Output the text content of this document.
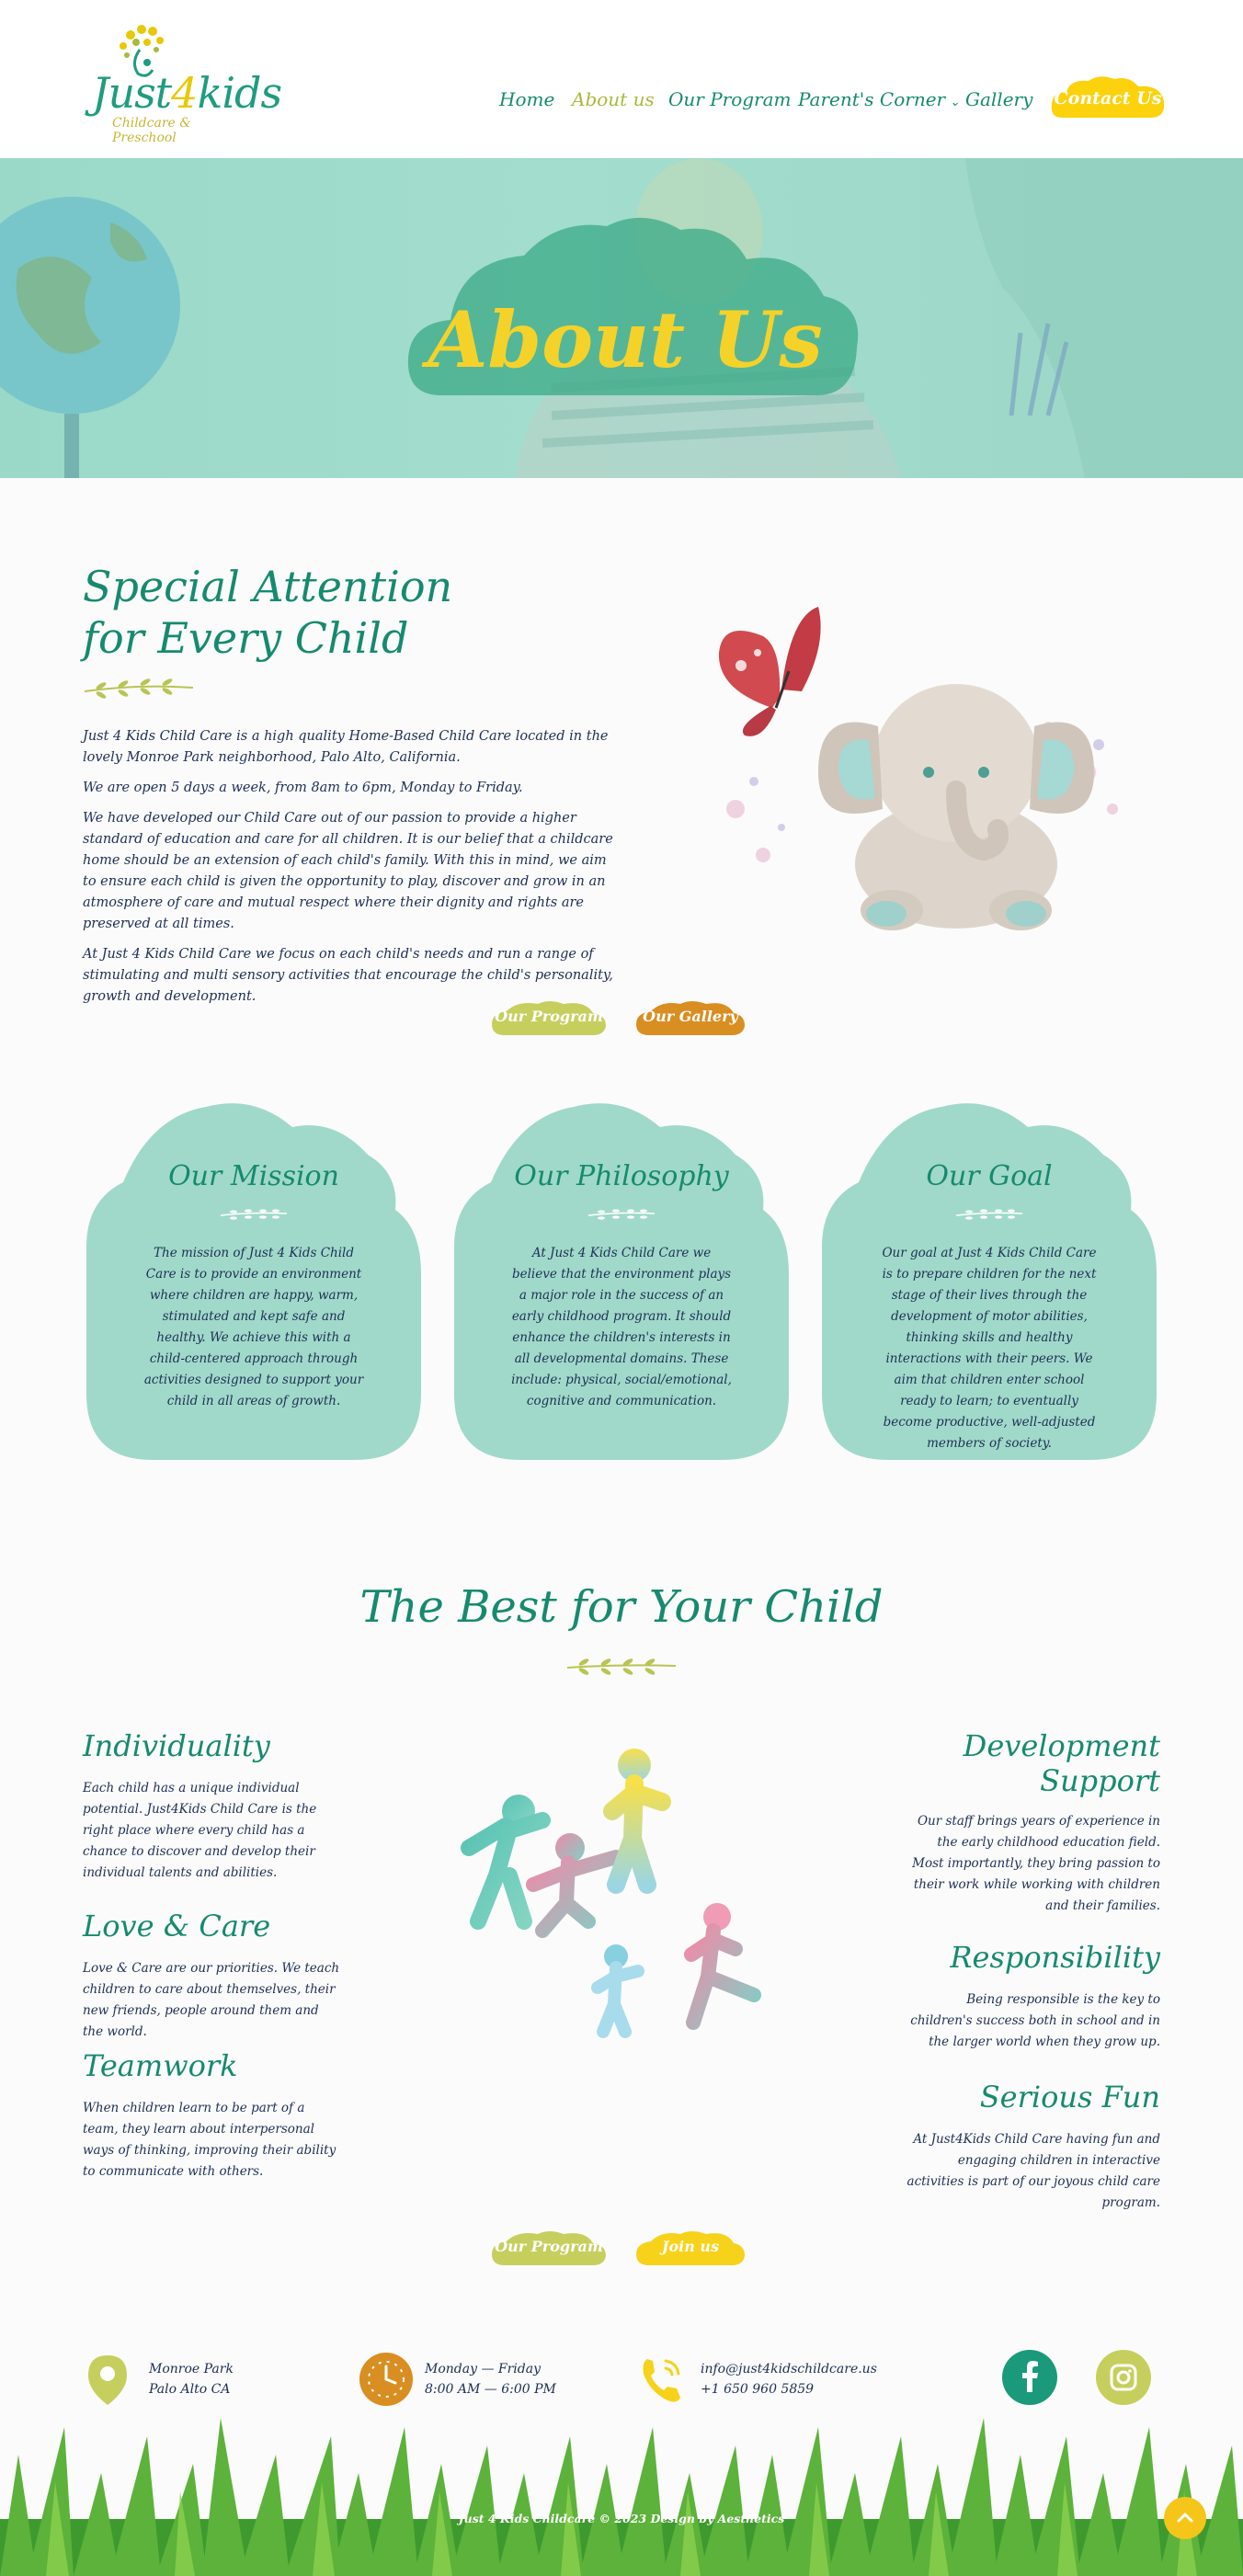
Just4kids
Childcare & Preschool
Home About us Our Program Parent's Corner ⌄ Gallery Contact Us
About Us
Special Attention for Every Child

Just 4 Kids Child Care is a high quality Home-Based Child Care located in the lovely Monroe Park neighborhood, Palo Alto, California.

We are open 5 days a week, from 8am to 6pm, Monday to Friday.

We have developed our Child Care out of our passion to provide a higher standard of education and care for all children. It is our belief that a childcare home should be an extension of each child's family. With this in mind, we aim to ensure each child is given the opportunity to play, discover and grow in an atmosphere of care and mutual respect where their dignity and rights are preserved at all times.

At Just 4 Kids Child Care we focus on each child's needs and run a range of stimulating and multi sensory activities that encourage the child's personality, growth and development.

Our Program	Our Gallery
Our Mission
The mission of Just 4 Kids Child Care is to provide an environment where children are happy, warm, stimulated and kept safe and healthy. We achieve this with a child-centered approach through activities designed to support your child in all areas of growth.
Our Philosophy
At Just 4 Kids Child Care we believe that the environment plays a major role in the success of an early childhood program. It should enhance the children's interests in all developmental domains. These include: physical, social/emotional, cognitive and communication.
Our Goal
Our goal at Just 4 Kids Child Care is to prepare children for the next stage of their lives through the development of motor abilities, thinking skills and healthy interactions with their peers. We aim that children enter school ready to learn; to eventually become productive, well-adjusted members of society.
The Best for Your Child
Individuality
Each child has a unique individual potential. Just4Kids Child Care is the right place where every child has a chance to discover and develop their individual talents and abilities.
Love & Care
Love & Care are our priorities. We teach children to care about themselves, their new friends, people around them and the world.
Teamwork
When children learn to be part of a team, they learn about interpersonal ways of thinking, improving their ability to communicate with others.
Development Support
Our staff brings years of experience in the early childhood education field. Most importantly, they bring passion to their work while working with children and their families.
Responsibility
Being responsible is the key to children's success both in school and in the larger world when they grow up.
Serious Fun
At Just4Kids Child Care having fun and engaging children in interactive activities is part of our joyous child care program.
Our Program	Join us
Monroe Park
Palo Alto CA
Monday — Friday
8:00 AM — 6:00 PM
info@just4kidschildcare.us
+1 650 960 5859
Just 4 Kids Childcare © 2023 Design by Aesthetics
